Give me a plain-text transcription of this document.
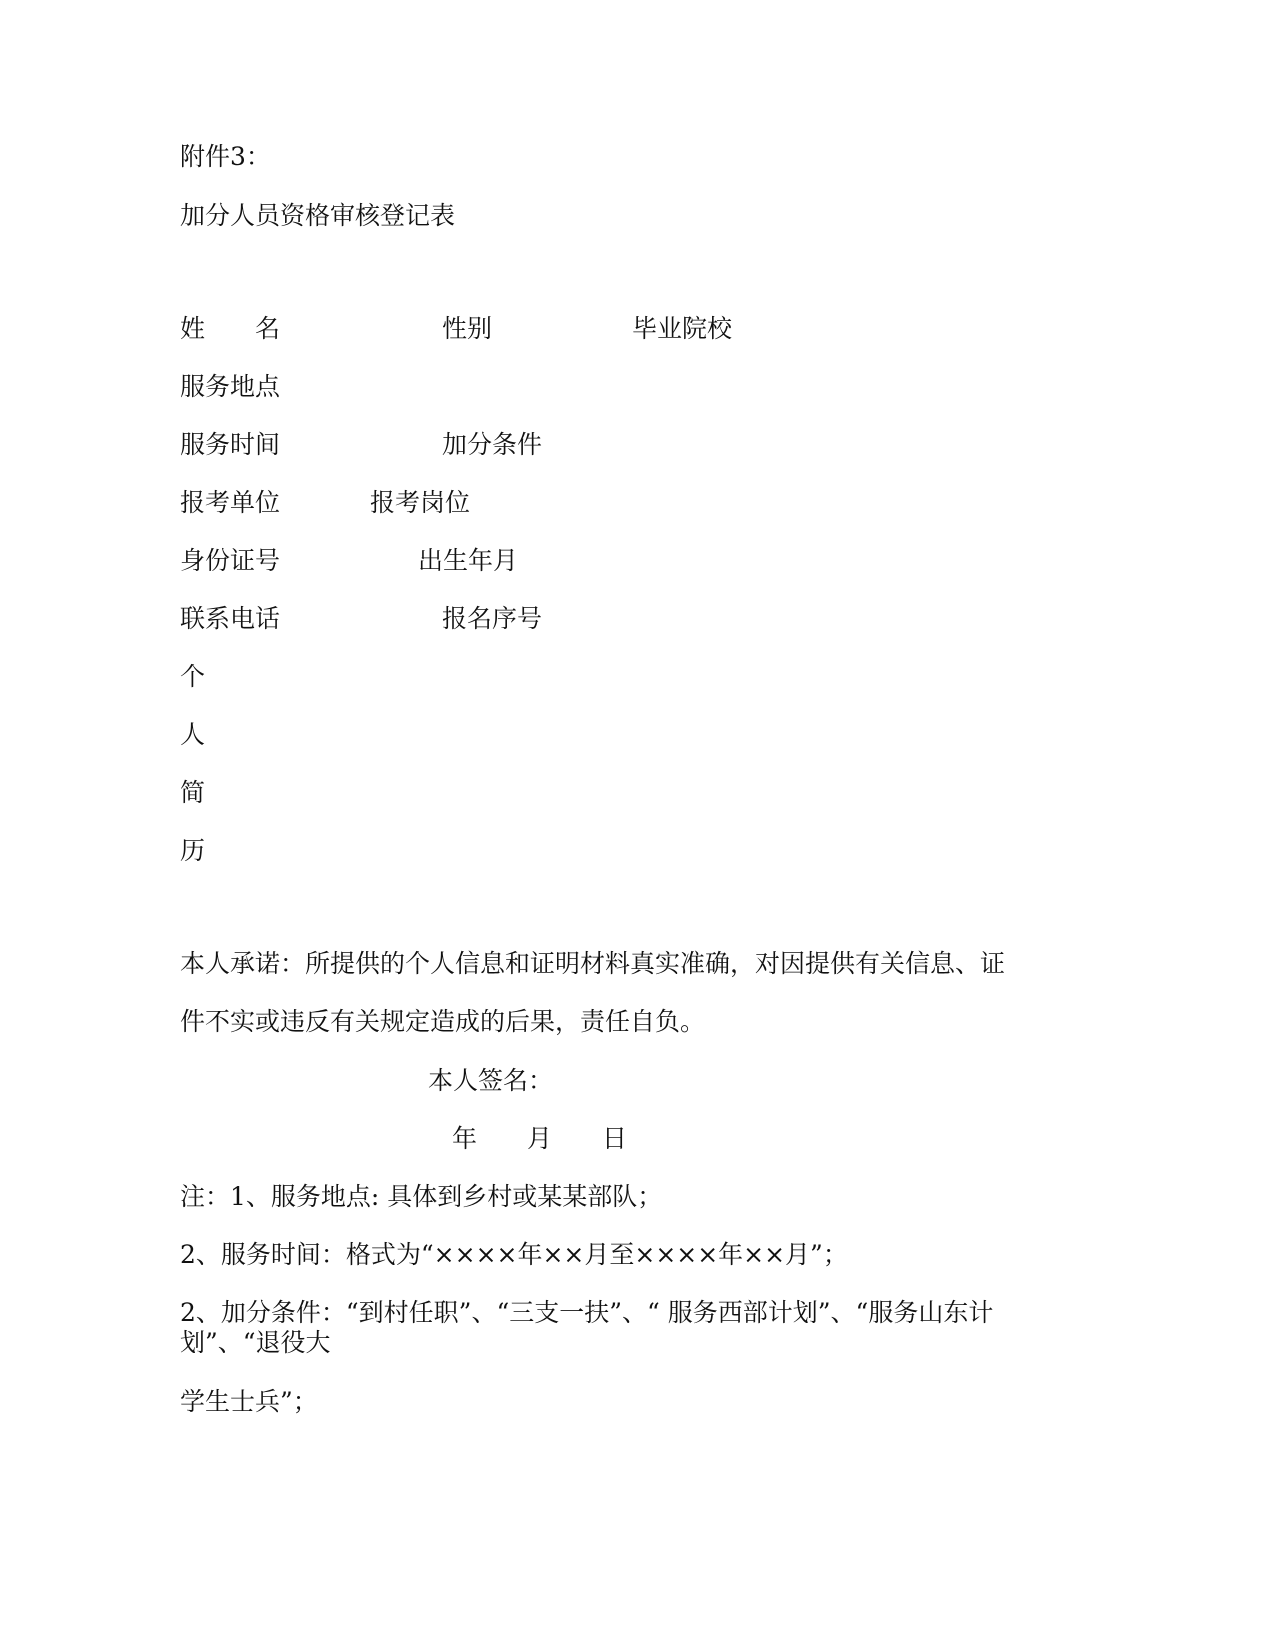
附件3：
加分人员资格审核登记表
姓　　名	性别	毕业院校
服务地点
服务时间	加分条件
报考单位	报考岗位
身份证号	出生年月
联系电话	报名序号
个
人
简
历
本人承诺：所提供的个人信息和证明材料真实准确，对因提供有关信息、证
件不实或违反有关规定造成的后果，责任自负。
本人签名：
年　　月　　日
注：1、服务地点: 具体到乡村或某某部队；
2、服务时间：格式为“××××年××月至××××年××月”；
2、加分条件：“到村任职”、“三支一扶”、“ 服务西部计划”、“服务山东计划”、“退役大
学生士兵”；
